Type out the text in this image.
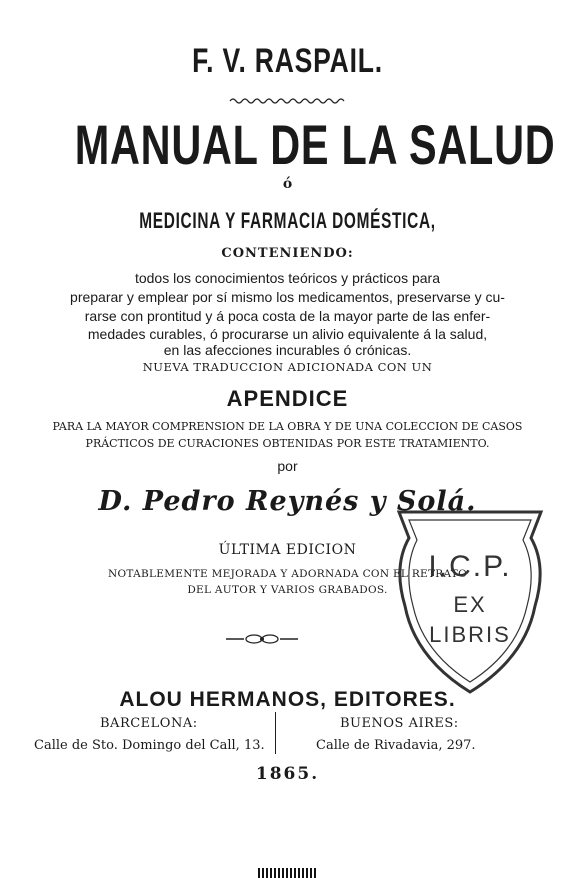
F. V. RASPAIL.
MANUAL DE LA SALUD
ó
MEDICINA Y FARMACIA DOMÉSTICA,
CONTENIENDO:
todos los conocimientos teóricos y prácticos para
preparar y emplear por sí mismo los medicamentos, preservarse y cu-
rarse con prontitud y á poca costa de la mayor parte de las enfer-
medades curables, ó procurarse un alivio equivalente á la salud,
en las afecciones incurables ó crónicas.
NUEVA TRADUCCION ADICIONADA CON UN
APENDICE
PARA LA MAYOR COMPRENSION DE LA OBRA Y DE UNA COLECCION DE CASOS
PRÁCTICOS DE CURACIONES OBTENIDAS POR ESTE TRATAMIENTO.
por
D. Pedro Reynés y Solá.
ÚLTIMA EDICION
NOTABLEMENTE MEJORADA Y ADORNADA CON EL RETRATO
DEL AUTOR Y VARIOS GRABADOS.
ALOU HERMANOS, EDITORES.
BARCELONA:
Calle de Sto. Domingo del Call, 13.
BUENOS AIRES:
Calle de Rivadavia, 297.
1865.
I.C.P.
EX
LIBRIS
